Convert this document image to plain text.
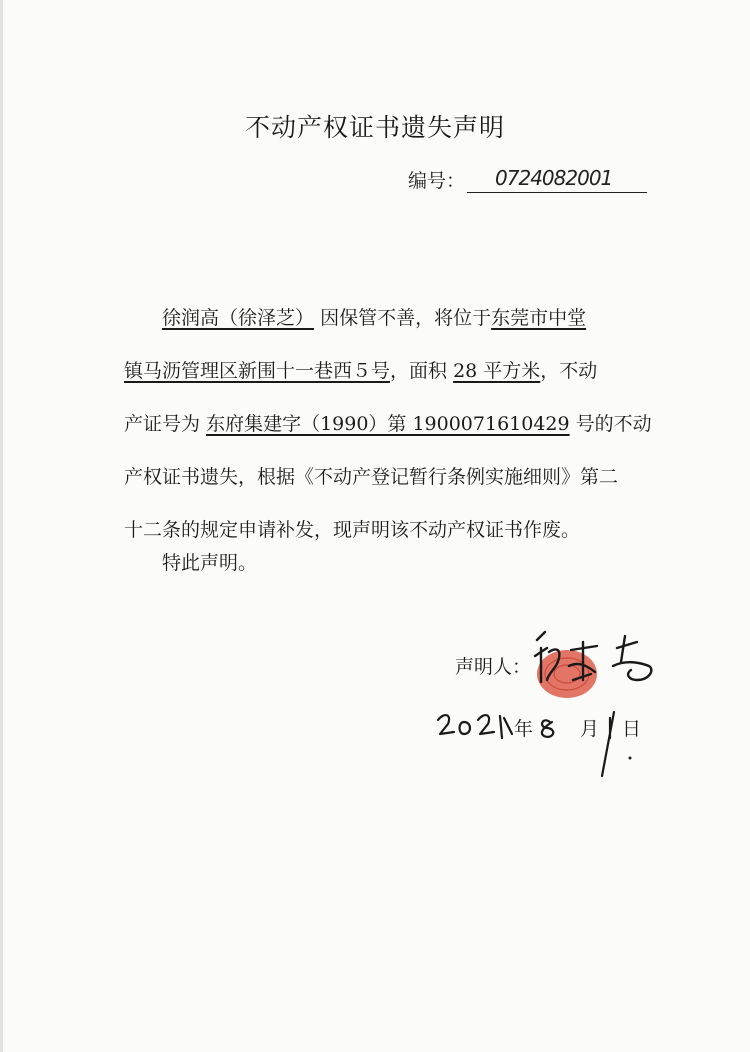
不动产权证书遗失声明
编号： 0724082001

徐润高（徐泽芝） 因保管不善，将位于东莞市中堂

镇马沥管理区新围十一巷西５号，面积 28 平方米，不动

产证号为 东府集建字（1990）第 1900071610429 号的不动

产权证书遗失，根据《不动产登记暂行条例实施细则》第二

十二条的规定申请补发，现声明该不动产权证书作废。

特此声明。
声明人：
年 月 日
